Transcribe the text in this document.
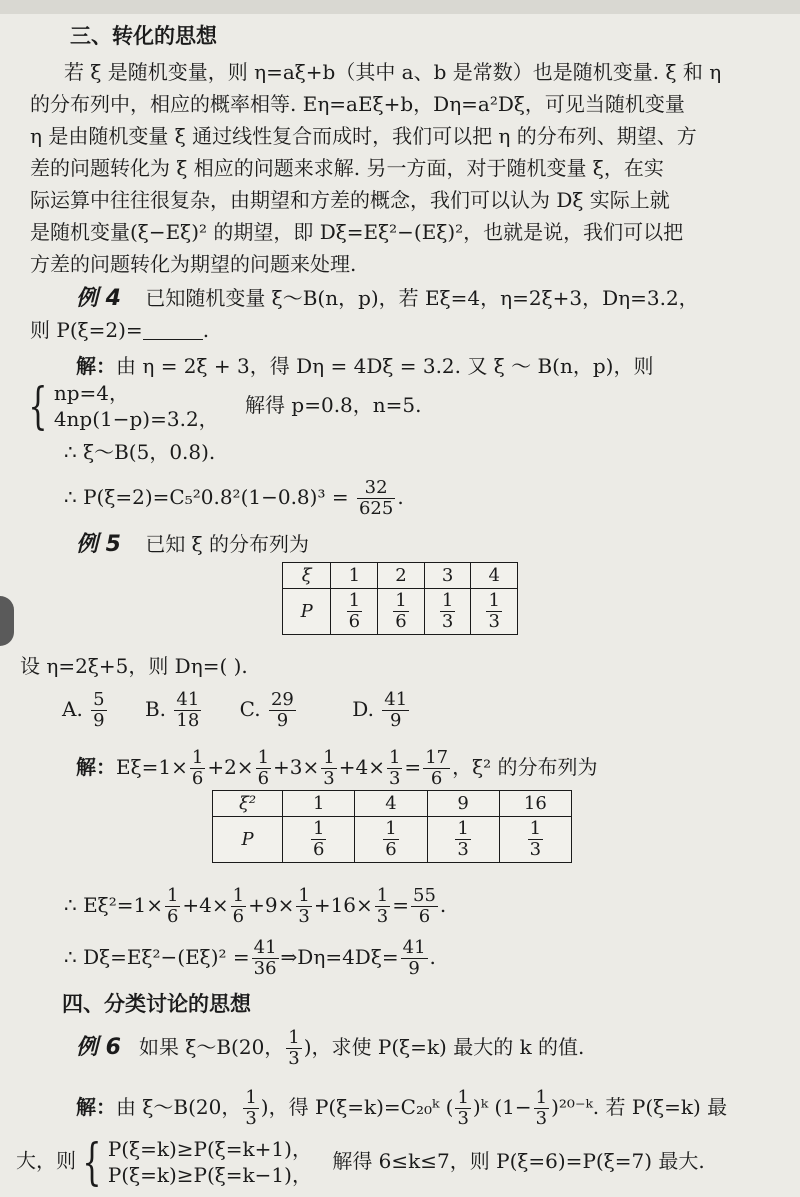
三、转化的思想
若 ξ 是随机变量，则 η=aξ+b（其中 a、b 是常数）也是随机变量. ξ 和 η
的分布列中，相应的概率相等. Eη=aEξ+b，Dη=a²Dξ，可见当随机变量
η 是由随机变量 ξ 通过线性复合而成时，我们可以把 η 的分布列、期望、方
差的问题转化为 ξ 相应的问题来求解. 另一方面，对于随机变量 ξ，在实
际运算中往往很复杂，由期望和方差的概念，我们可以认为 Dξ 实际上就
是随机变量(ξ−Eξ)² 的期望，即 Dξ=Eξ²−(Eξ)²，也就是说，我们可以把
方差的问题转化为期望的问题来处理.
例 4 已知随机变量 ξ～B(n，p)，若 Eξ=4，η=2ξ+3，Dη=3.2，
则 P(ξ=2)=	.
解：由 η = 2ξ + 3，得 Dη = 4Dξ = 3.2. 又 ξ ～ B(n，p)，则
{ np=4，
4np(1−p)=3.2， 解得 p=0.8，n=5.
∴ ξ～B(5，0.8).
∴ $P(\xi=2)=C_5^20.8^2(1-0.8)^3 = \frac{32}{625}$ .
例 5 已知 ξ 的分布列为
ξ	1	2	3	4
P	$\frac{1}{6}$	$\frac{1}{6}$	$\frac{1}{3}$	$\frac{1}{3}$
设 η=2ξ+5，则 Dη=( ).
A. $\frac{5}{9} B$. $\frac{41}{18} C$. $\frac{29}{9}$	D. $\frac{41}{9}$
解：$E\xi=1\times \frac{1}{6} +2\times \frac{1}{6} +3\times \frac{1}{3} +4\times \frac{1}{3} = \frac{17}{6}$ ，ξ² 的分布列为
ξ²	1	4	9	16
P	$\frac{1}{6}$	$\frac{1}{6}$	$\frac{1}{3}$	$\frac{1}{3}$
∴ $E\xi^2=1\times \frac{1}{6} +4\times \frac{1}{6} +9\times \frac{1}{3} +16\times \frac{1}{3} = \frac{55}{6}$ .
∴ $D\xi=E\xi^2-(E\xi)^2 = \frac{41}{36}$ ⇒Dη=4Dξ= $\frac{41}{9}$ .
四、分类讨论的思想
例 6 如果 ξ～B(20， $\frac{1}{3}$ )，求使 P(ξ=k) 最大的 k 的值.
解：由 ξ～B(20， $\frac{1}{3}$ )，得 P(ξ=k)=C₂₀ᵏ ( $\frac{1}{3}$ )ᵏ ($1- \frac{1}{3}$ )²⁰⁻ᵏ. 若 P(ξ=k) 最
大，则 { P(ξ=k)≥P(ξ=k+1)，
P(ξ=k)≥P(ξ=k−1)， 解得 6≤k≤7，则 P(ξ=6)=P(ξ=7) 最大.
